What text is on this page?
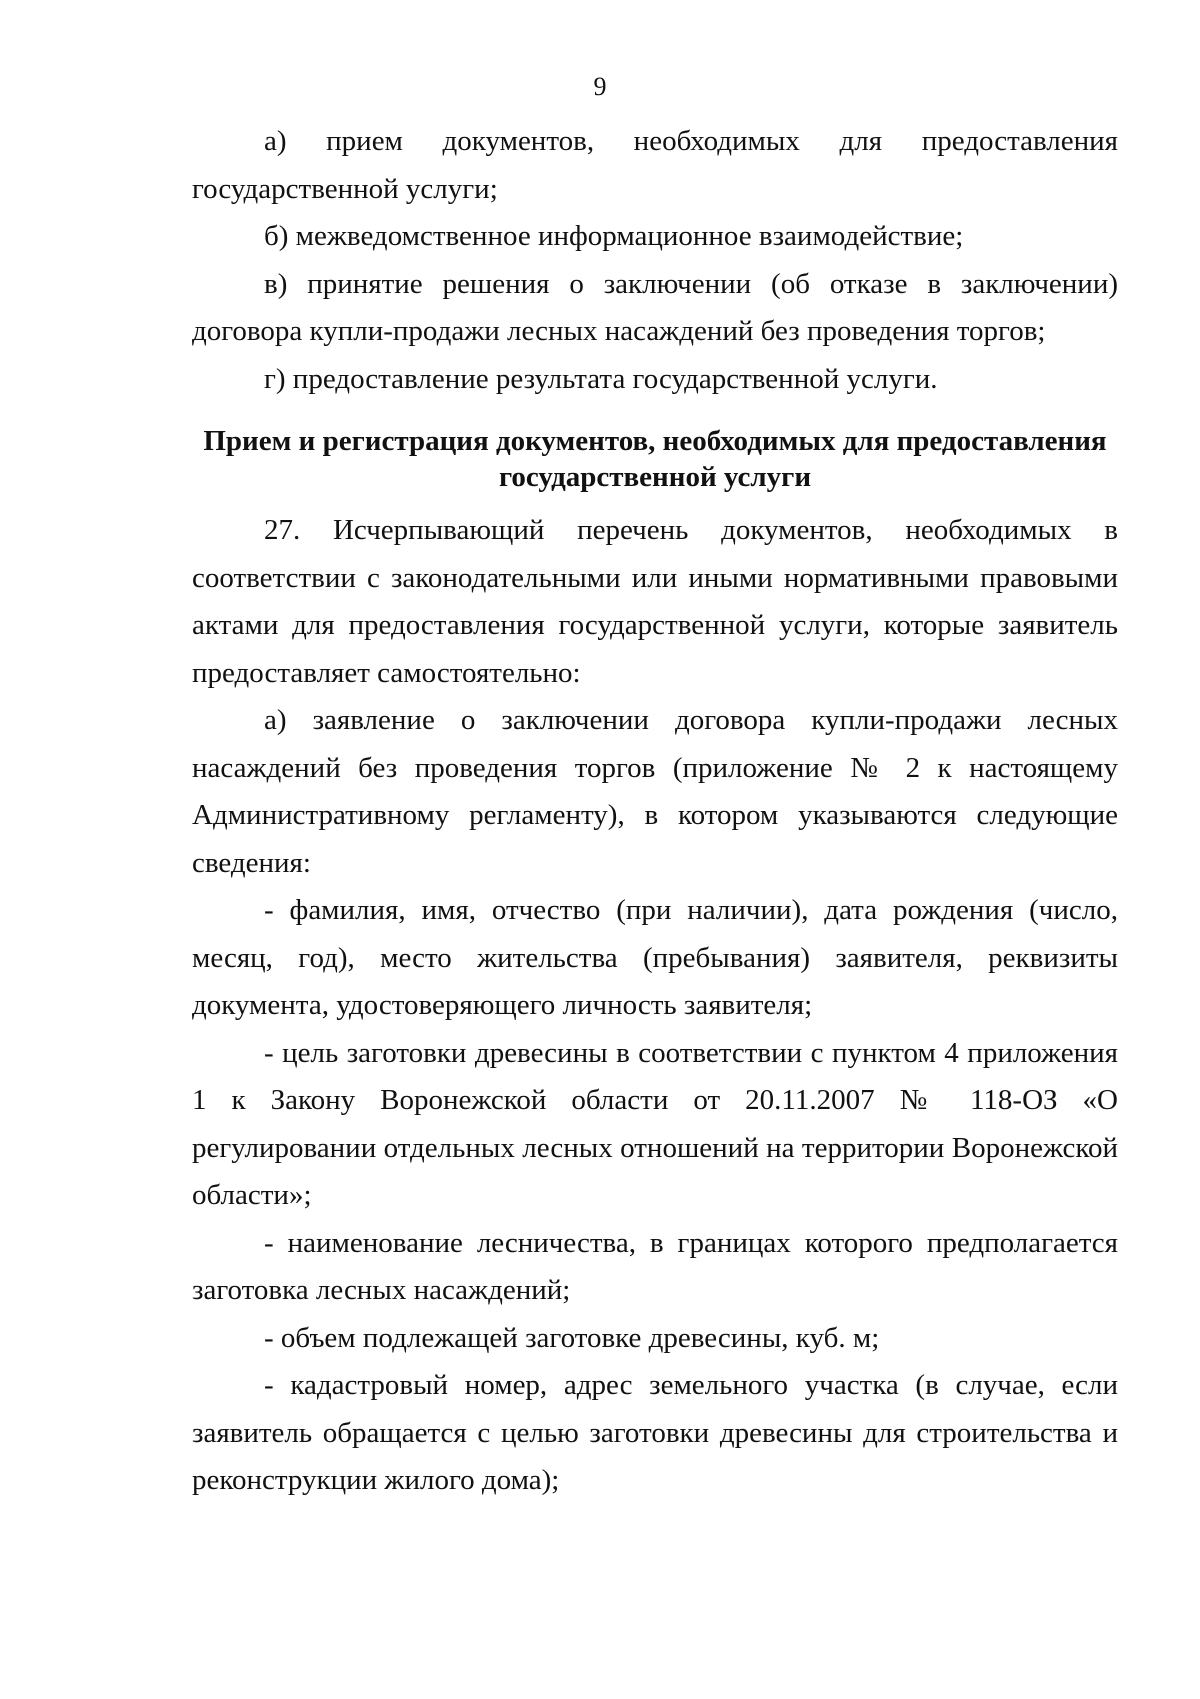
9

а) прием документов, необходимых для предоставления государственной услуги;

б) межведомственное информационное взаимодействие;

в) принятие решения о заключении (об отказе в заключении) договора купли-продажи лесных насаждений без проведения торгов;

г) предоставление результата государственной услуги.

Прием и регистрация документов, необходимых для предоставления государственной услуги

27. Исчерпывающий перечень документов, необходимых в соответствии с законодательными или иными нормативными правовыми актами для предоставления государственной услуги, которые заявитель предоставляет самостоятельно:

а) заявление о заключении договора купли-продажи лесных насаждений без проведения торгов (приложение № 2 к настоящему Административному регламенту), в котором указываются следующие сведения:

- фамилия, имя, отчество (при наличии), дата рождения (число, месяц, год), место жительства (пребывания) заявителя, реквизиты документа, удостоверяющего личность заявителя;

- цель заготовки древесины в соответствии с пунктом 4 приложения 1 к Закону Воронежской области от 20.11.2007 № 118-ОЗ «О регулировании отдельных лесных отношений на территории Воронежской области»;

- наименование лесничества, в границах которого предполагается заготовка лесных насаждений;

- объем подлежащей заготовке древесины, куб. м;

- кадастровый номер, адрес земельного участка (в случае, если заявитель обращается с целью заготовки древесины для строительства и реконструкции жилого дома);
